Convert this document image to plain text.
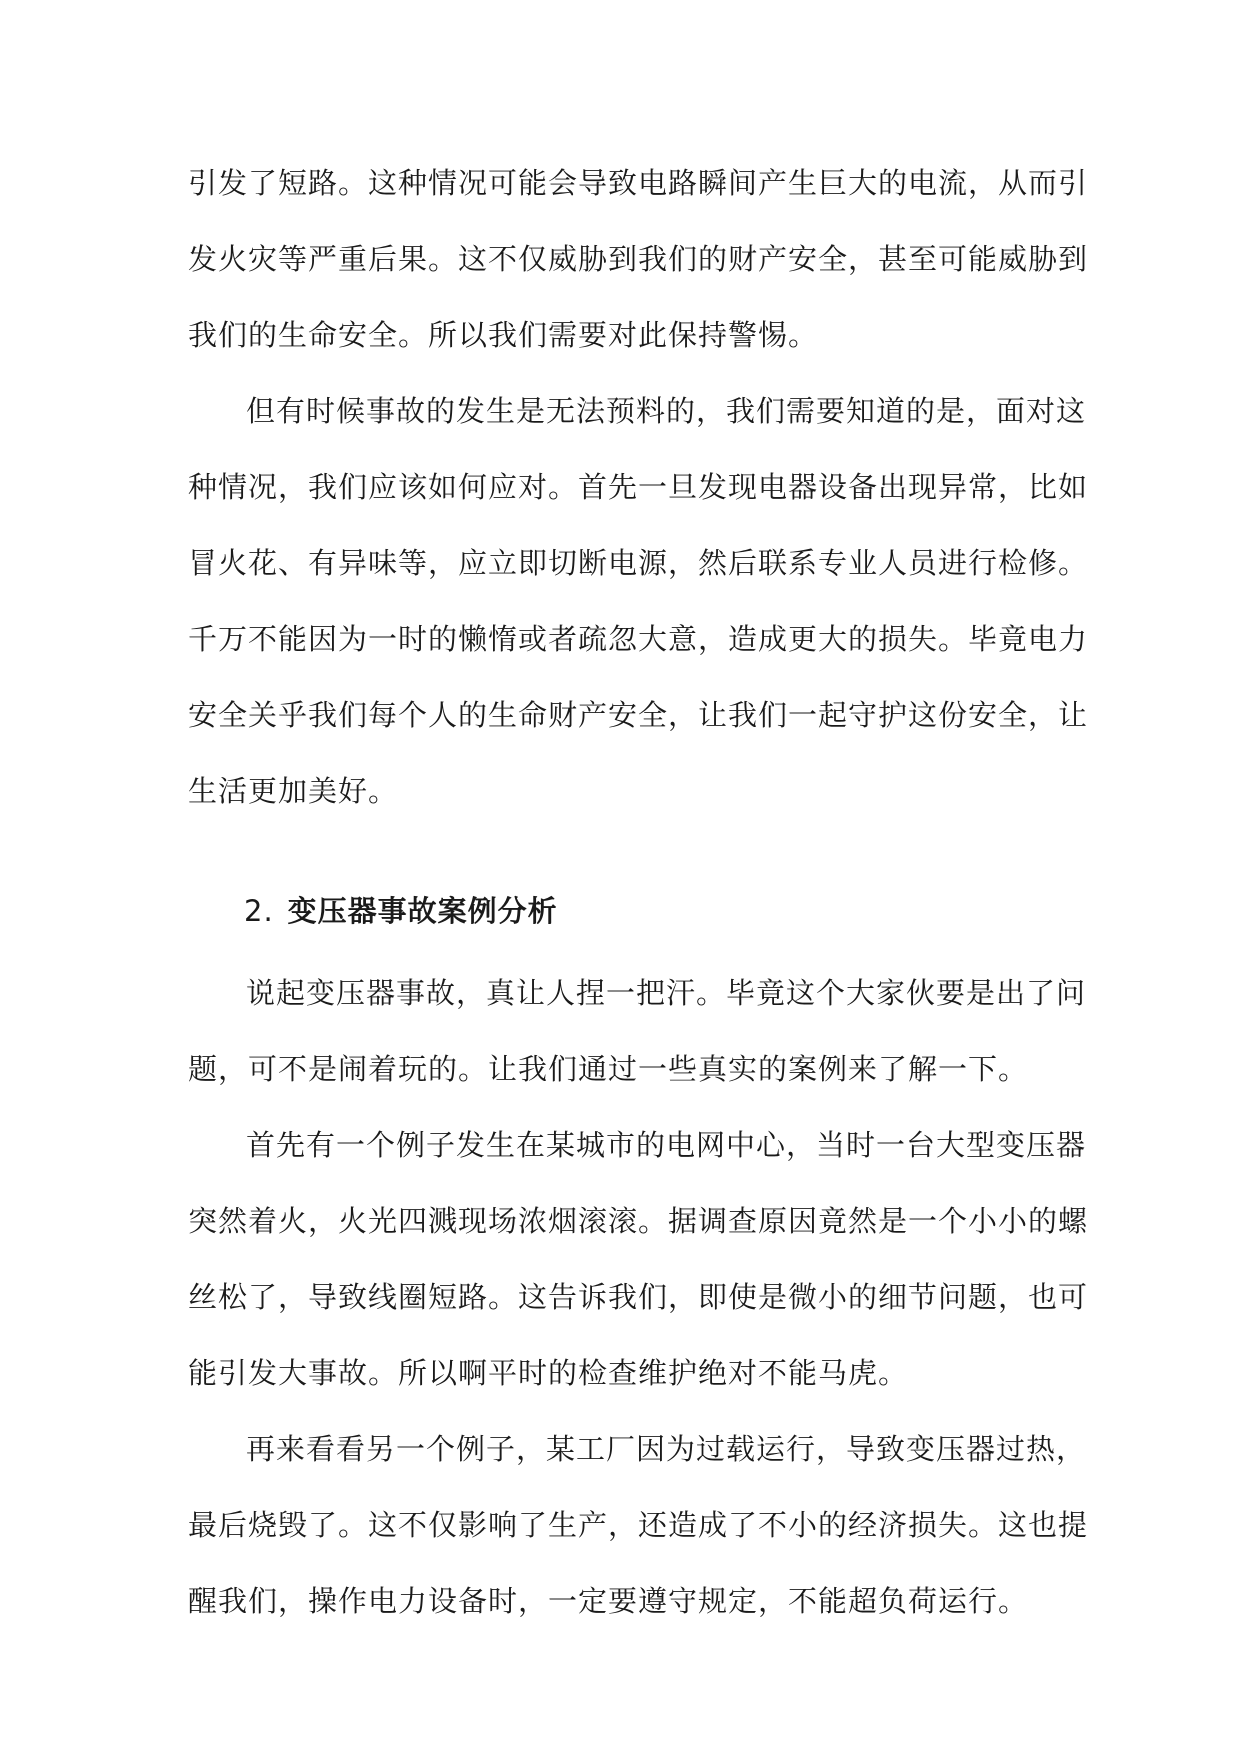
引发了短路。这种情况可能会导致电路瞬间产生巨大的电流，从而引
发火灾等严重后果。这不仅威胁到我们的财产安全，甚至可能威胁到
我们的生命安全。所以我们需要对此保持警惕。

但有时候事故的发生是无法预料的，我们需要知道的是，面对这
种情况，我们应该如何应对。首先一旦发现电器设备出现异常，比如
冒火花、有异味等，应立即切断电源，然后联系专业人员进行检修。
千万不能因为一时的懒惰或者疏忽大意，造成更大的损失。毕竟电力
安全关乎我们每个人的生命财产安全，让我们一起守护这份安全，让
生活更加美好。

2. 变压器事故案例分析

说起变压器事故，真让人捏一把汗。毕竟这个大家伙要是出了问
题，可不是闹着玩的。让我们通过一些真实的案例来了解一下。

首先有一个例子发生在某城市的电网中心，当时一台大型变压器
突然着火，火光四溅现场浓烟滚滚。据调查原因竟然是一个小小的螺
丝松了，导致线圈短路。这告诉我们，即使是微小的细节问题，也可
能引发大事故。所以啊平时的检查维护绝对不能马虎。

再来看看另一个例子，某工厂因为过载运行，导致变压器过热，
最后烧毁了。这不仅影响了生产，还造成了不小的经济损失。这也提
醒我们，操作电力设备时，一定要遵守规定，不能超负荷运行。
